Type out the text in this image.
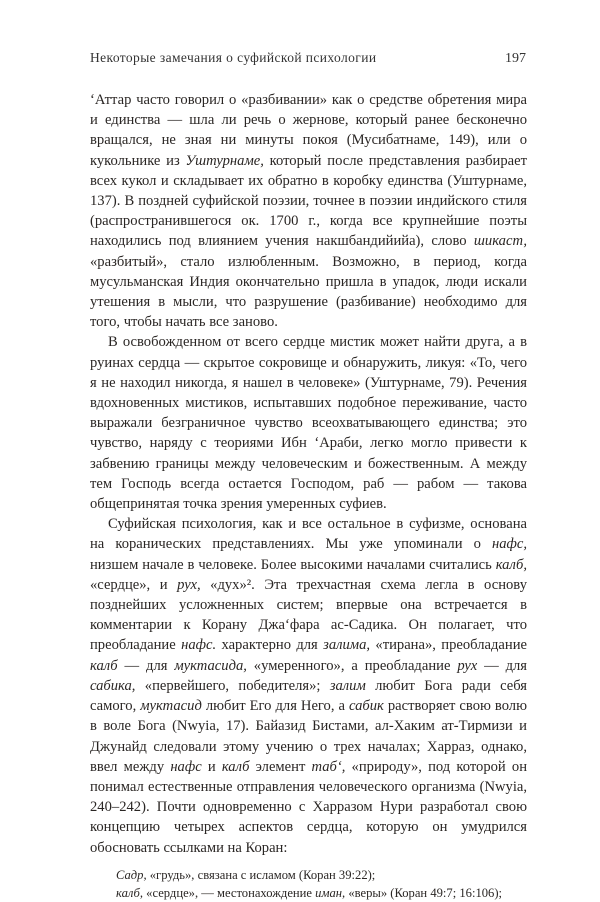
Некоторые замечания о суфийской психологии	197

‘Аттар часто говорил о «разбивании» как о средстве обретения мира и единства — шла ли речь о жернове, который ранее бесконечно вращался, не зная ни минуты покоя (Мусибатнаме, 149), или о кукольнике из Уштурнаме, который после представления разбирает всех кукол и складывает их обратно в коробку единства (Уштурнаме, 137). В поздней суфийской поэзии, точнее в поэзии индийского стиля (распространившегося ок. 1700 г., когда все крупнейшие поэты находились под влиянием учения накшбандийийа), слово шикаст, «разбитый», стало излюбленным. Возможно, в период, когда мусульманская Индия окончательно пришла в упадок, люди искали утешения в мысли, что разрушение (разбивание) необходимо для того, чтобы начать все заново.

В освобожденном от всего сердце мистик может найти друга, а в руинах сердца — скрытое сокровище и обнаружить, ликуя: «То, чего я не находил никогда, я нашел в человеке» (Уштурнаме, 79). Речения вдохновенных мистиков, испытавших подобное переживание, часто выражали безграничное чувство всеохватывающего единства; это чувство, наряду с теориями Ибн ‘Араби, легко могло привести к забвению границы между человеческим и божественным. А между тем Господь всегда остается Господом, раб — рабом — такова общепринятая точка зрения умеренных суфиев.

Суфийская психология, как и все остальное в суфизме, основана на коранических представлениях. Мы уже упоминали о нафс, низшем начале в человеке. Более высокими началами считались калб, «сердце», и рух, «дух»². Эта трехчастная схема легла в основу позднейших усложненных систем; впервые она встречается в комментарии к Корану Джа‘фара ас-Садика. Он полагает, что преобладание нафс. характерно для залима, «тирана», преобладание калб — для муктасида, «умеренного», а преобладание рух — для сабика, «первейшего, победителя»; залим любит Бога ради себя самого, муктасид любит Его для Него, а сабик растворяет свою волю в воле Бога (Nwyia, 17). Байазид Бистами, ал-Хаким ат-Тирмизи и Джунайд следовали этому учению о трех началах; Харраз, однако, ввел между нафс и калб элемент таб‘, «природу», под которой он понимал естественные отправления человеческого организма (Nwyia, 240–242). Почти одновременно с Харразом Нури разработал свою концепцию четырех аспектов сердца, которую он умудрился обосновать ссылками на Коран:

Садр, «грудь», связана с исламом (Коран 39:22);
калб, «сердце», — местонахождение иман, «веры» (Коран 49:7; 16:106);
